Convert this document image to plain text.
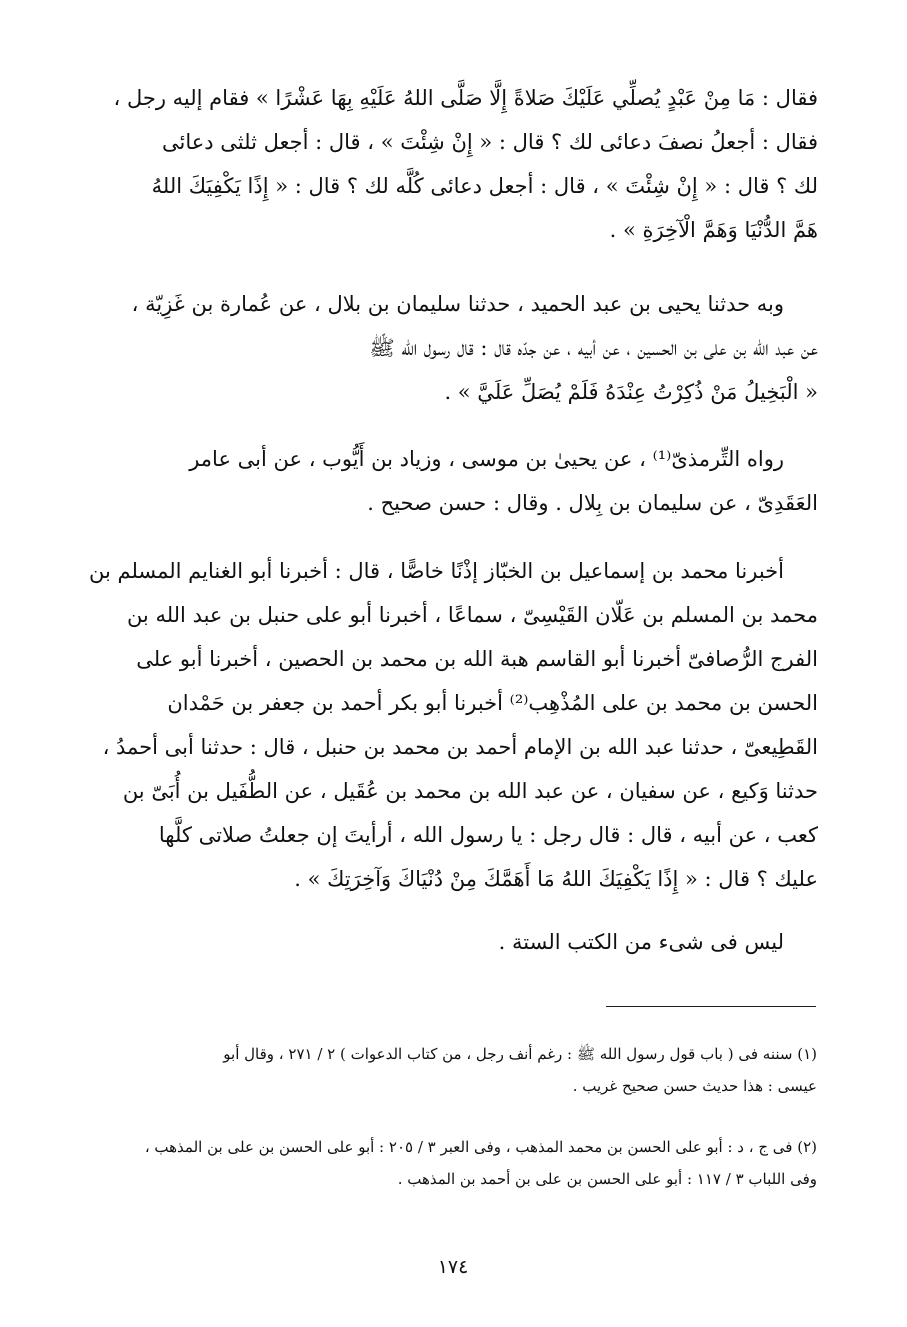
فقال : مَا مِنْ عَبْدٍ يُصلِّي عَلَيْكَ صَلاةً إِلَّا صَلَّى اللهُ عَلَيْهِ بِهَا عَشْرًا » فقام إليه رجل ،
فقال : أجعلُ نصفَ دعائى لك ؟ قال : « إِنْ شِئْتَ » ، قال : أجعل ثلثى دعائى
لك ؟ قال : « إِنْ شِئْتَ » ، قال : أجعل دعائى كُلَّه لك ؟ قال : « إِذًا يَكْفِيَكَ اللهُ
هَمَّ الدُّنْيَا وَهَمَّ الْآخِرَةِ » .
وبه حدثنا يحيى بن عبد الحميد ، حدثنا سليمان بن بلال ، عن عُمارة بن غَزِيّة ،
عن عبد الله بن على بن الحسين ، عن أبيه ، عن جدّه قال : قال رسول الله ﷺ
« الْبَخِيلُ مَنْ ذُكِرْتُ عِنْدَهُ فَلَمْ يُصَلِّ عَلَيَّ » .
رواه التِّرمذىّ⁽¹⁾ ، عن يحيىٰ بن موسى ، وزياد بن أَيُّوب ، عن أبى عامر
العَقَدِىّ ، عن سليمان بن بِلال . وقال : حسن صحيح .
أخبرنا محمد بن إسماعيل بن الخبّاز إذْنًا خاصًّا ، قال : أخبرنا أبو الغنايم المسلم بن
محمد بن المسلم بن عَلّان القَيْسِىّ ، سماعًا ، أخبرنا أبو على حنبل بن عبد الله بن
الفرج الرُّصافىّ أخبرنا أبو القاسم هبة الله بن محمد بن الحصين ، أخبرنا أبو على
الحسن بن محمد بن على المُذْهِب⁽²⁾ أخبرنا أبو بكر أحمد بن جعفر بن حَمْدان
القَطِيعىّ ، حدثنا عبد الله بن الإمام أحمد بن محمد بن حنبل ، قال : حدثنا أبى أحمدُ ،
حدثنا وَكيع ، عن سفيان ، عن عبد الله بن محمد بن عُقَيل ، عن الطُّفَيل بن أُبَىّ بن
كعب ، عن أبيه ، قال : قال رجل : يا رسول الله ، أرأيتَ إن جعلتُ صلاتى كلَّها
عليك ؟ قال : « إِذًا يَكْفِيَكَ اللهُ مَا أَهَمَّكَ مِنْ دُنْيَاكَ وَآخِرَتِكَ » .
ليس فى شىء من الكتب الستة .
(١) سننه فى ( باب قول رسول الله ﷺ : رغم أنف رجل ، من كتاب الدعوات ) ٢ / ٢٧١ ، وقال أبو
عيسى : هذا حديث حسن صحيح غريب .
(٢) فى ج ، د : أبو على الحسن بن محمد المذهب ، وفى العبر ٣ / ٢٠٥ : أبو على الحسن بن على بن المذهب ،
وفى اللباب ٣ / ١١٧ : أبو على الحسن بن على بن أحمد بن المذهب .
١٧٤
